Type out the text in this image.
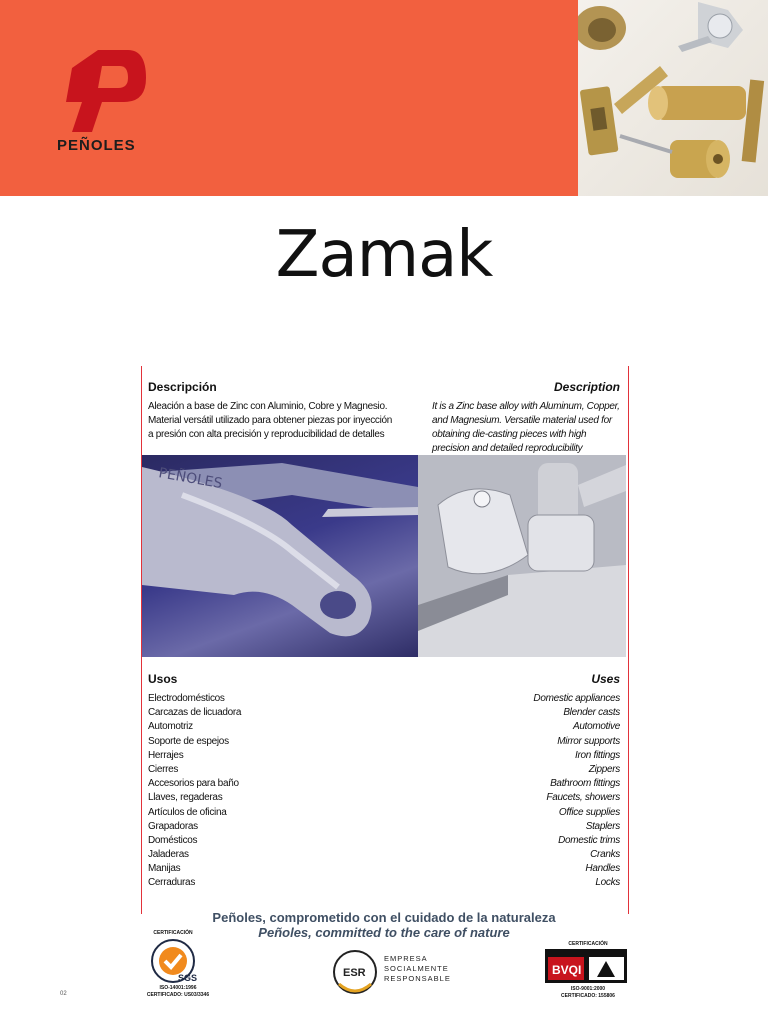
PEÑOLES
Zamak
Descripción	Description
Aleación a base de Zinc con Aluminio, Cobre y Magnesio. Material versátil utilizado para obtener piezas por inyección a presión con alta precisión y reproducibilidad de detalles
It is a Zinc base alloy with Aluminum, Copper, and Magnesium. Versatile material used for obtaining die-casting pieces with high precision and detailed reproducibility
PEÑOLES
Usos	Uses
Electrodomésticos
Carcazas de licuadora
Automotriz
Soporte de espejos
Herrajes
Cierres
Accesorios para baño
Llaves, regaderas
Artículos de oficina
Grapadoras
Domésticos
Jaladeras
Manijas
Cerraduras
Domestic appliances
Blender casts
Automotive
Mirror supports
Iron fittings
Zippers
Bathroom fittings
Faucets, showers
Office supplies
Staplers
Domestic trims
Cranks
Handles
Locks
Peñoles, comprometido con el cuidado de la naturaleza
Peñoles, committed to the care of nature
CERTIFICACIÓN
SGS
ISO-14001:1996
CERTIFICADO: US03/3346
ESR
EMPRESA
SOCIALMENTE
RESPONSABLE
CERTIFICACIÓN
BVQI
ISO-9001:2000
CERTIFICADO: 155806
02
